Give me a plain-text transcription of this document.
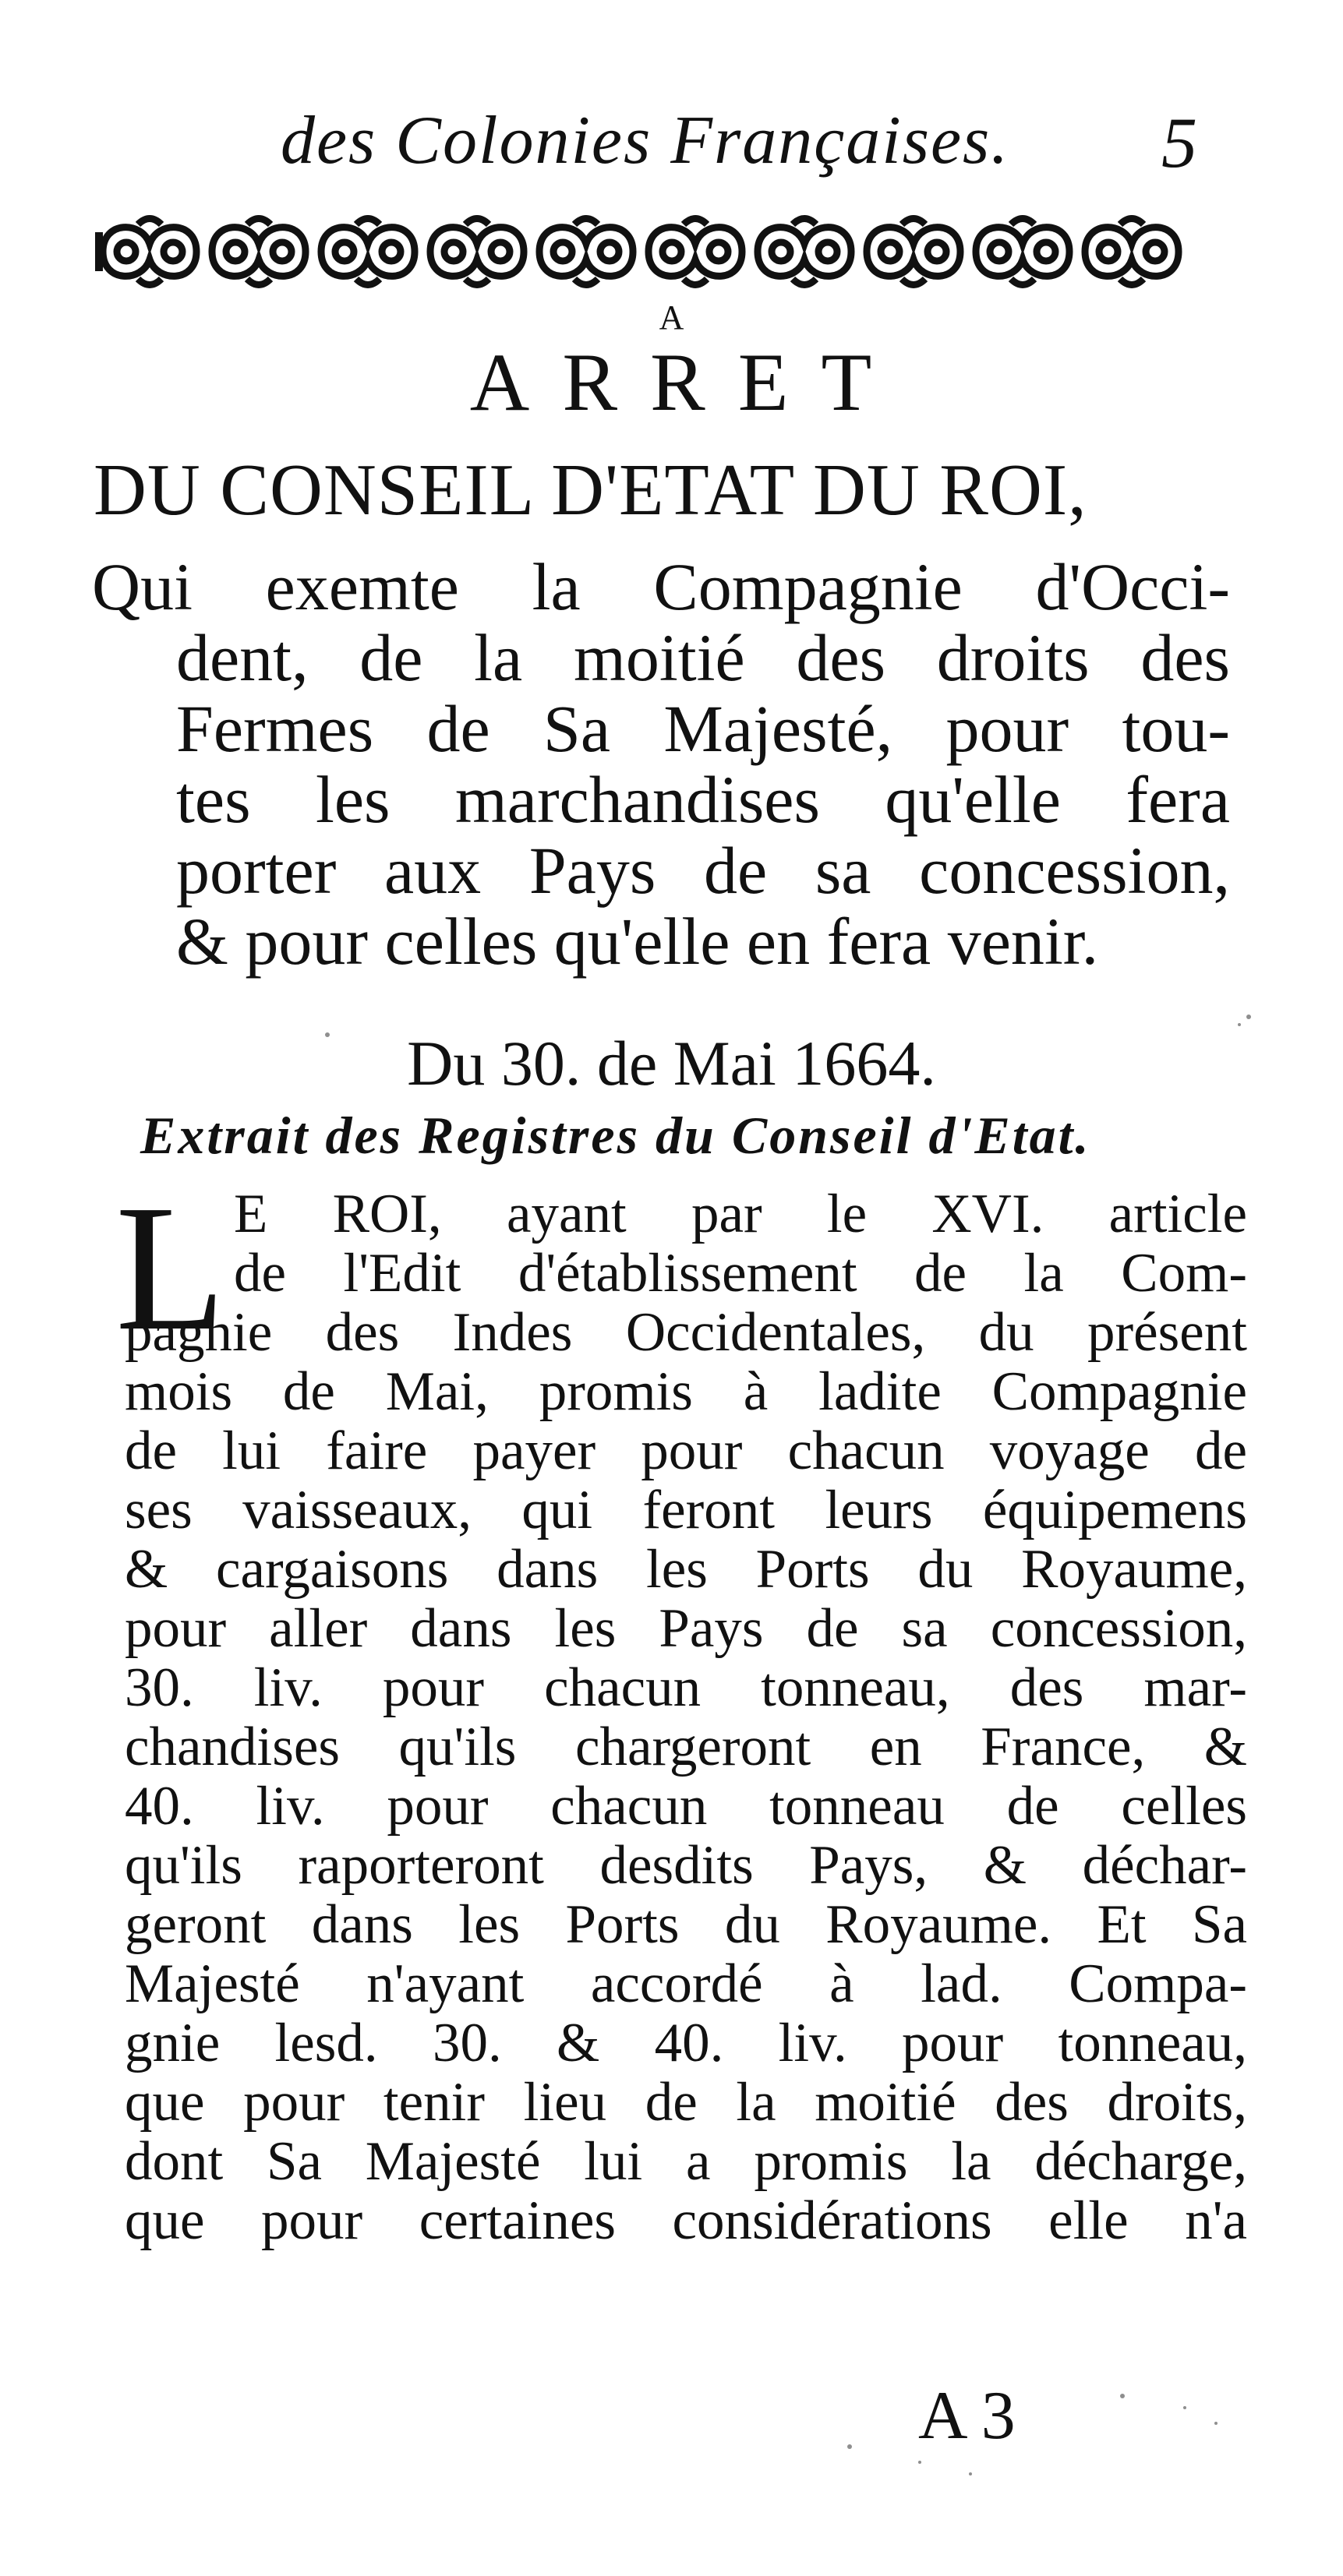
des Colonies Françaises. 5
A
ARRET
DU CONSEIL D'ETAT DU ROI,
Qui exemte la Compagnie d'Occi-
dent, de la moitié des droits des
Fermes de Sa Majesté, pour tou-
tes les marchandises qu'elle fera
porter aux Pays de sa concession,
& pour celles qu'elle en fera venir.
Du 30. de Mai 1664.
Extrait des Registres du Conseil d'Etat.
L E ROI, ayant par le XVI. article
de l'Edit d'établissement de la Com-
pagnie des Indes Occidentales, du présent
mois de Mai, promis à ladite Compagnie
de lui faire payer pour chacun voyage de
ses vaisseaux, qui feront leurs équipemens
& cargaisons dans les Ports du Royaume,
pour aller dans les Pays de sa concession,
30. liv. pour chacun tonneau, des mar-
chandises qu'ils chargeront en France, &
40. liv. pour chacun tonneau de celles
qu'ils raporteront desdits Pays, & déchar-
geront dans les Ports du Royaume. Et Sa
Majesté n'ayant accordé à lad. Compa-
gnie lesd. 30. & 40. liv. pour tonneau,
que pour tenir lieu de la moitié des droits,
dont Sa Majesté lui a promis la décharge,
que pour certaines considérations elle n'a
A 3
